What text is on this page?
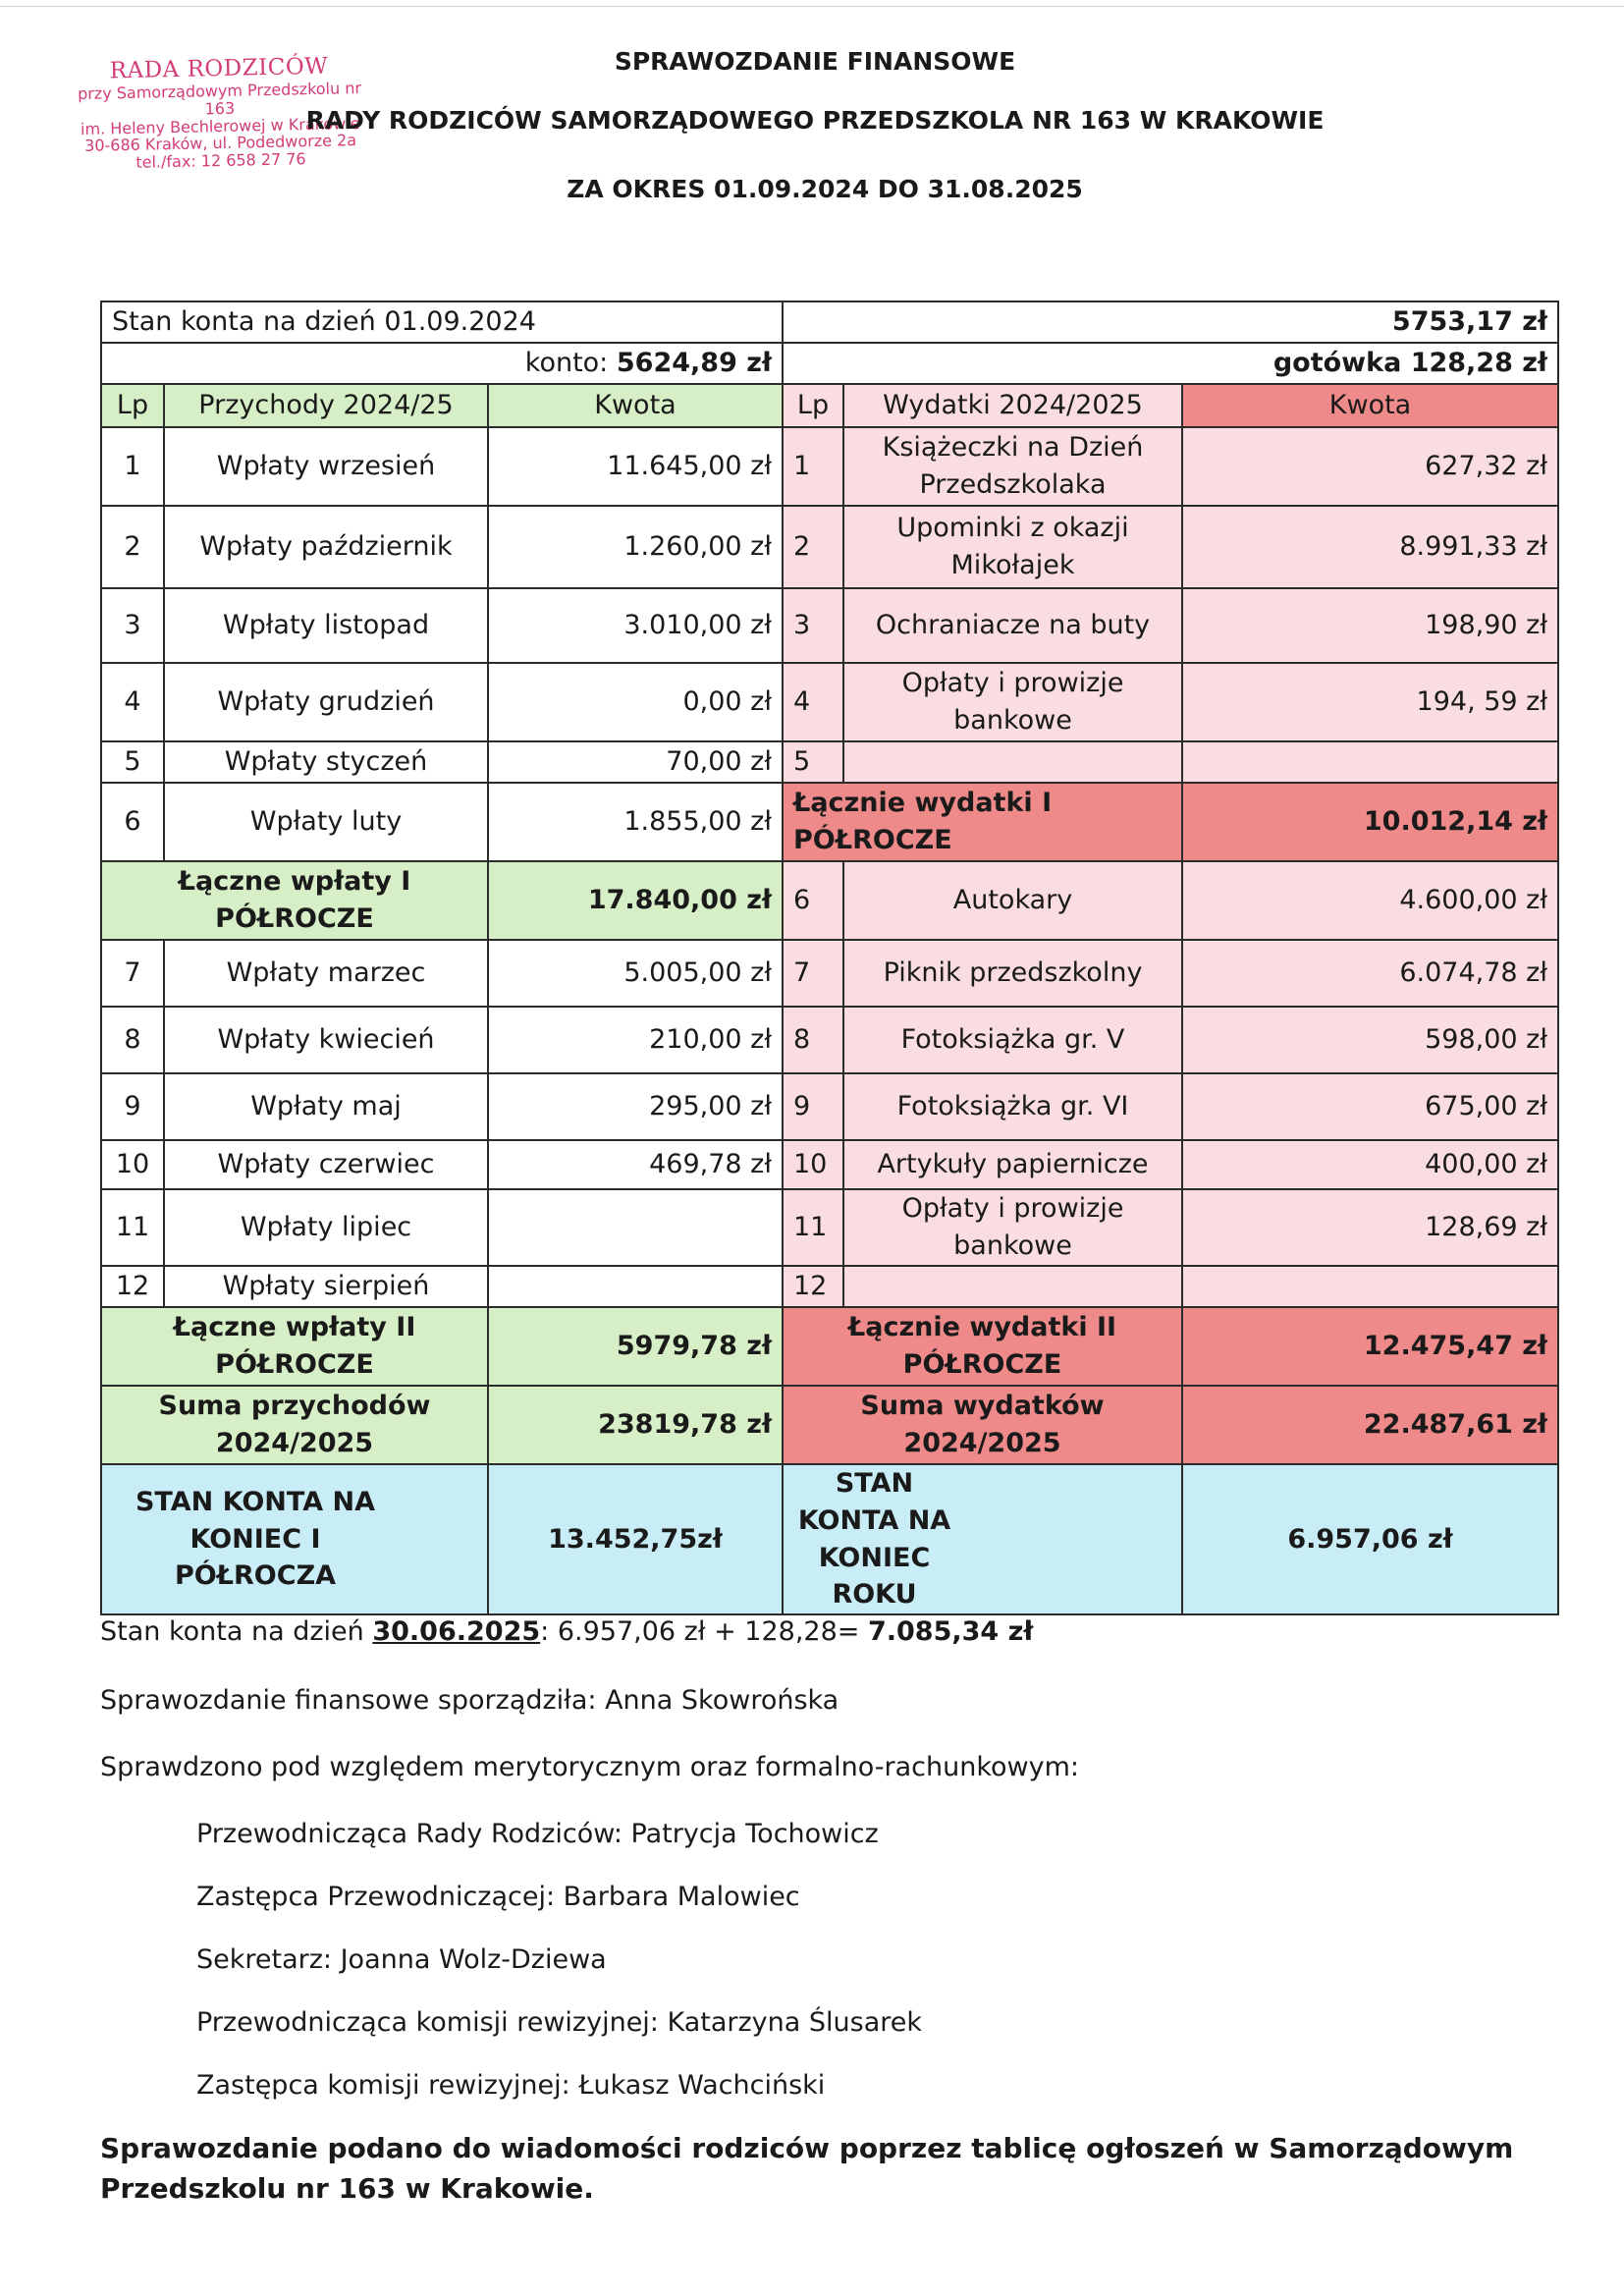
RADA RODZICÓW
przy Samorządowym Przedszkolu nr 163
im. Heleny Bechlerowej w Krakowie
30-686 Kraków, ul. Podedworze 2a
tel./fax: 12 658 27 76
SPRAWOZDANIE FINANSOWE
RADY RODZICÓW SAMORZĄDOWEGO PRZEDSZKOLA NR 163 W KRAKOWIE
ZA OKRES 01.09.2024 DO 31.08.2025
Stan konta na dzień 01.09.2024			5753,17 zł		
konto: 5624,89 zł			gotówka 128,28 zł		
Lp	Przychody 2024/25	Kwota	Lp	Wydatki 2024/2025	Kwota
1	Wpłaty wrzesień	11.645,00 zł	1	Książeczki na Dzień Przedszkolaka	627,32 zł
2	Wpłaty październik	1.260,00 zł	2	Upominki z okazji Mikołajek	8.991,33 zł
3	Wpłaty listopad	3.010,00 zł	3	Ochraniacze na buty	198,90 zł
4	Wpłaty grudzień	0,00 zł	4	Opłaty i prowizje bankowe	194, 59 zł
5	Wpłaty styczeń	70,00 zł	5		
6	Wpłaty luty	1.855,00 zł	Łącznie wydatki I PÓŁROCZE		10.012,14 zł
Łączne wpłaty I PÓŁROCZE		17.840,00 zł	6	Autokary	4.600,00 zł
7	Wpłaty marzec	5.005,00 zł	7	Piknik przedszkolny	6.074,78 zł
8	Wpłaty kwiecień	210,00 zł	8	Fotoksiążka gr. V	598,00 zł
9	Wpłaty maj	295,00 zł	9	Fotoksiążka gr. VI	675,00 zł
10	Wpłaty czerwiec	469,78 zł	10	Artykuły papiernicze	400,00 zł
11	Wpłaty lipiec		11	Opłaty i prowizje bankowe	128,69 zł
12	Wpłaty sierpień		12		
Łączne wpłaty II PÓŁROCZE		5979,78 zł	Łącznie wydatki II PÓŁROCZE		12.475,47 zł
Suma przychodów 2024/2025		23819,78 zł	Suma wydatków 2024/2025		22.487,61 zł
STAN KONTA NA KONIEC I PÓŁROCZA		13.452,75zł	STAN KONTA NA KONIEC ROKU		6.957,06 zł
Stan konta na dzień 30.06.2025: 6.957,06 zł + 128,28= 7.085,34 zł
Sprawozdanie finansowe sporządziła: Anna Skowrońska
Sprawdzono pod względem merytorycznym oraz formalno-rachunkowym:
Przewodnicząca Rady Rodziców: Patrycja Tochowicz
Zastępca Przewodniczącej: Barbara Malowiec
Sekretarz: Joanna Wolz-Dziewa
Przewodnicząca komisji rewizyjnej: Katarzyna Ślusarek
Zastępca komisji rewizyjnej: Łukasz Wachciński
Sprawozdanie podano do wiadomości rodziców poprzez tablicę ogłoszeń w Samorządowym Przedszkolu nr 163 w Krakowie.
